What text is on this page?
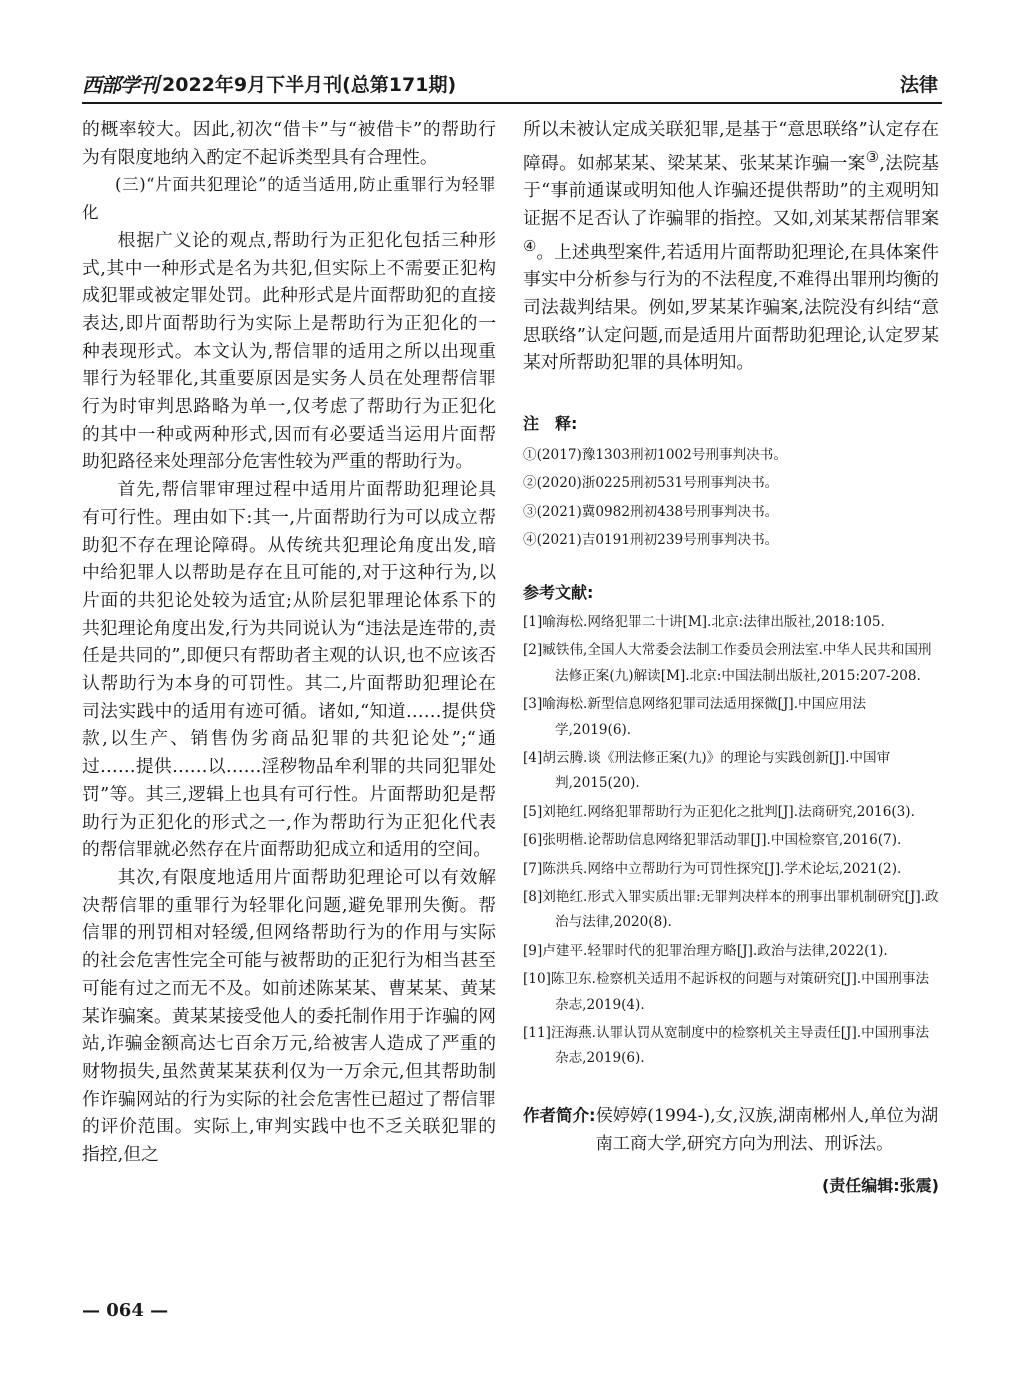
西部学刊 2022年9月下半月刊(总第171期)	法律

的概率较大。因此,初次“借卡”与“被借卡”的帮助行为有限度地纳入酌定不起诉类型具有合理性。

(三)“片面共犯理论”的适当适用,防止重罪行为轻罪化

根据广义论的观点,帮助行为正犯化包括三种形式,其中一种形式是名为共犯,但实际上不需要正犯构成犯罪或被定罪处罚。此种形式是片面帮助犯的直接表达,即片面帮助行为实际上是帮助行为正犯化的一种表现形式。本文认为,帮信罪的适用之所以出现重罪行为轻罪化,其重要原因是实务人员在处理帮信罪行为时审判思路略为单一,仅考虑了帮助行为正犯化的其中一种或两种形式,因而有必要适当运用片面帮助犯路径来处理部分危害性较为严重的帮助行为。

首先,帮信罪审理过程中适用片面帮助犯理论具有可行性。理由如下:其一,片面帮助行为可以成立帮助犯不存在理论障碍。从传统共犯理论角度出发,暗中给犯罪人以帮助是存在且可能的,对于这种行为,以片面的共犯论处较为适宜;从阶层犯罪理论体系下的共犯理论角度出发,行为共同说认为“违法是连带的,责任是共同的”,即便只有帮助者主观的认识,也不应该否认帮助行为本身的可罚性。其二,片面帮助犯理论在司法实践中的适用有迹可循。诸如,“知道……提供贷款,以生产、销售伪劣商品犯罪的共犯论处”;“通过……提供……以……淫秽物品牟利罪的共同犯罪处罚”等。其三,逻辑上也具有可行性。片面帮助犯是帮助行为正犯化的形式之一,作为帮助行为正犯化代表的帮信罪就必然存在片面帮助犯成立和适用的空间。

其次,有限度地适用片面帮助犯理论可以有效解决帮信罪的重罪行为轻罪化问题,避免罪刑失衡。帮信罪的刑罚相对轻缓,但网络帮助行为的作用与实际的社会危害性完全可能与被帮助的正犯行为相当甚至可能有过之而无不及。如前述陈某某、曹某某、黄某某诈骗案。黄某某接受他人的委托制作用于诈骗的网站,诈骗金额高达七百余万元,给被害人造成了严重的财物损失,虽然黄某某获利仅为一万余元,但其帮助制作诈骗网站的行为实际的社会危害性已超过了帮信罪的评价范围。实际上,审判实践中也不乏关联犯罪的指控,但之

所以未被认定成关联犯罪,是基于“意思联络”认定存在障碍。如郝某某、梁某某、张某某诈骗一案③,法院基于“事前通谋或明知他人诈骗还提供帮助”的主观明知证据不足否认了诈骗罪的指控。又如,刘某某帮信罪案④。上述典型案件,若适用片面帮助犯理论,在具体案件事实中分析参与行为的不法程度,不难得出罪刑均衡的司法裁判结果。例如,罗某某诈骗案,法院没有纠结“意思联络”认定问题,而是适用片面帮助犯理论,认定罗某某对所帮助犯罪的具体明知。

注　释:
①(2017)豫1303刑初1002号刑事判决书。
②(2020)浙0225刑初531号刑事判决书。
③(2021)冀0982刑初438号刑事判决书。
④(2021)吉0191刑初239号刑事判决书。
参考文献:
[1]喻海松.网络犯罪二十讲[M].北京:法律出版社,2018:105.
[2]臧铁伟,全国人大常委会法制工作委员会刑法室.中华人民共和国刑法修正案(九)解读[M].北京:中国法制出版社,2015:207-208.
[3]喻海松.新型信息网络犯罪司法适用探微[J].中国应用法学,2019(6).
[4]胡云腾.谈《刑法修正案(九)》的理论与实践创新[J].中国审判,2015(20).
[5]刘艳红.网络犯罪帮助行为正犯化之批判[J].法商研究,2016(3).
[6]张明楷.论帮助信息网络犯罪活动罪[J].中国检察官,2016(7).
[7]陈洪兵.网络中立帮助行为可罚性探究[J].学术论坛,2021(2).
[8]刘艳红.形式入罪实质出罪:无罪判决样本的刑事出罪机制研究[J].政治与法律,2020(8).
[9]卢建平.轻罪时代的犯罪治理方略[J].政治与法律,2022(1).
[10]陈卫东.检察机关适用不起诉权的问题与对策研究[J].中国刑事法杂志,2019(4).
[11]汪海燕.认罪认罚从宽制度中的检察机关主导责任[J].中国刑事法杂志,2019(6).
作者简介: 侯婷婷(1994-),女,汉族,湖南郴州人,单位为湖南工商大学,研究方向为刑法、刑诉法。
(责任编辑:张震)
— 064 —
